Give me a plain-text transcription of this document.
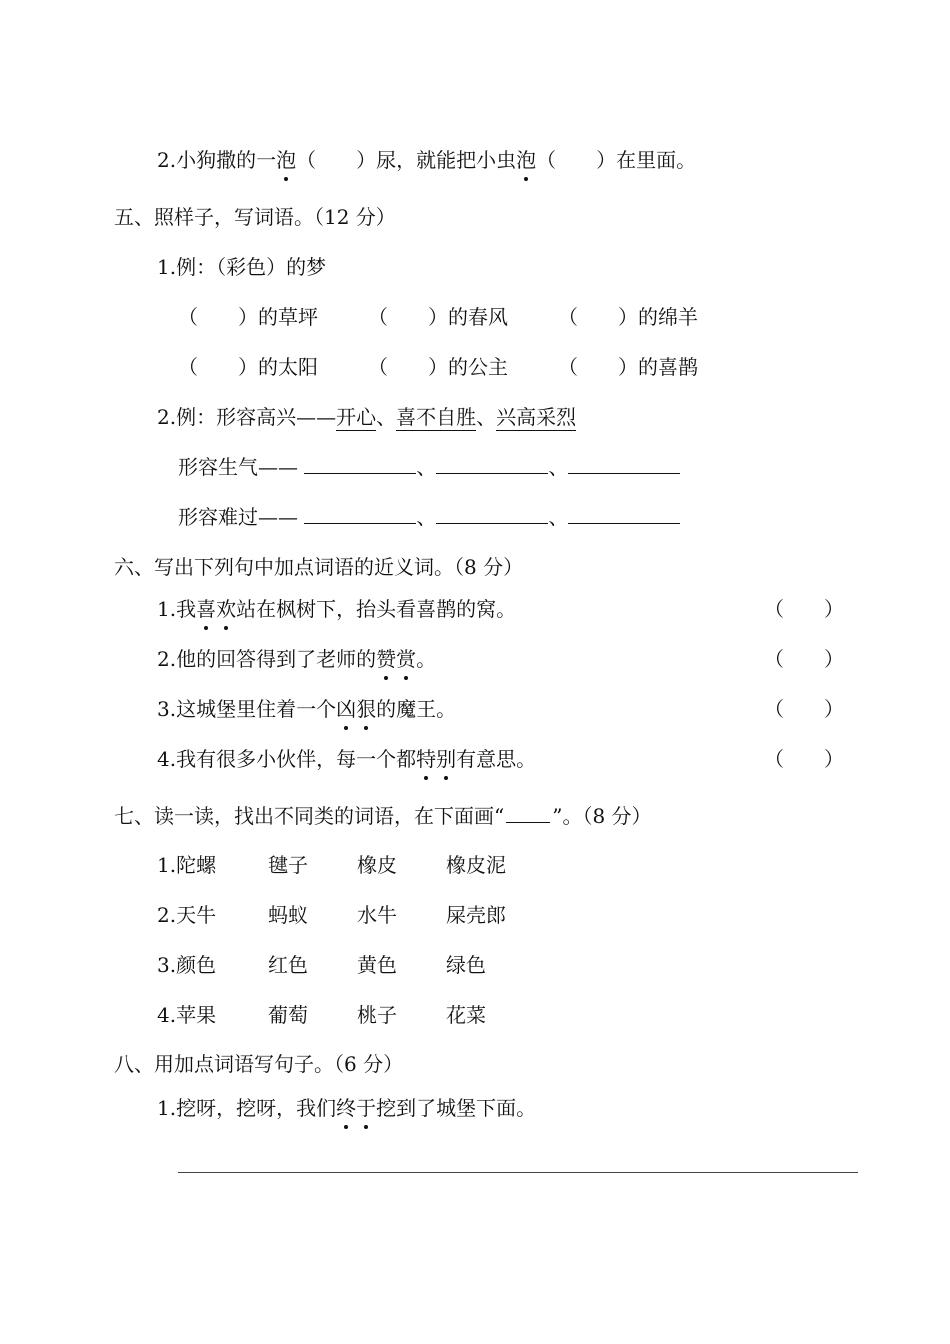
2.小狗撒的一泡（　　）尿，就能把小虫泡（　　）在里面。
五、照样子，写词语。（12 分）
1.例：（彩色）的梦
（　　）的草坪	（　　）的春风	（　　）的绵羊
（　　）的太阳	（　　）的公主	（　　）的喜鹊
2.例：形容高兴——开心、喜不自胜、兴高采烈
形容生气——	、	、
形容难过——	、	、
六、写出下列句中加点词语的近义词。（8 分）
1.我喜欢站在枫树下，抬头看喜鹊的窝。	（　　）
2.他的回答得到了老师的赞赏。	（　　）
3.这城堡里住着一个凶狠的魔王。	（　　）
4.我有很多小伙伴，每一个都特别有意思。	（　　）
七、读一读，找出不同类的词语，在下面画“ ”。（8 分）
1.陀螺	毽子 橡皮 橡皮泥
2.天牛	蚂蚁 水牛 屎壳郎
3.颜色	红色 黄色 绿色
4.苹果	葡萄 桃子 花菜
八、用加点词语写句子。（6 分）
1.挖呀，挖呀，我们终于挖到了城堡下面。
